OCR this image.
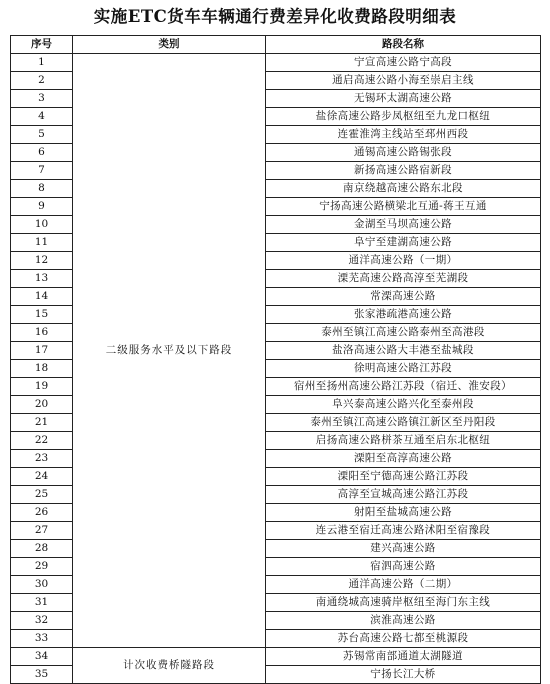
实施ETC货车车辆通行费差异化收费路段明细表
序号	类别	路段名称
1	二级服务水平及以下路段	宁宣高速公路宁高段
2		通启高速公路小海至崇启主线
3		无锡环太湖高速公路
4		盐徐高速公路步凤枢纽至九龙口枢纽
5		连霍淮湾主线站至邳州西段
6		通锡高速公路锡张段
7		新扬高速公路宿新段
8		南京绕越高速公路东北段
9		宁扬高速公路横梁北互通-蒋王互通
10		金湖至马坝高速公路
11		阜宁至建湖高速公路
12		通洋高速公路（一期）
13		溧芜高速公路高淳至芜湖段
14		常溧高速公路
15		张家港疏港高速公路
16		泰州至镇江高速公路泰州至高港段
17		盐洛高速公路大丰港至盐城段
18		徐明高速公路江苏段
19		宿州至扬州高速公路江苏段（宿迁、淮安段）
20		阜兴泰高速公路兴化至泰州段
21		泰州至镇江高速公路镇江新区至丹阳段
22		启扬高速公路栟茶互通至启东北枢纽
23		溧阳至高淳高速公路
24		溧阳至宁德高速公路江苏段
25		高淳至宣城高速公路江苏段
26		射阳至盐城高速公路
27		连云港至宿迁高速公路沭阳至宿豫段
28		建兴高速公路
29		宿泗高速公路
30		通洋高速公路（二期）
31		南通绕城高速骑岸枢纽至海门东主线
32		滨淮高速公路
33		苏台高速公路七都至桃源段
34	计次收费桥隧路段	苏锡常南部通道太湖隧道
35		宁扬长江大桥
